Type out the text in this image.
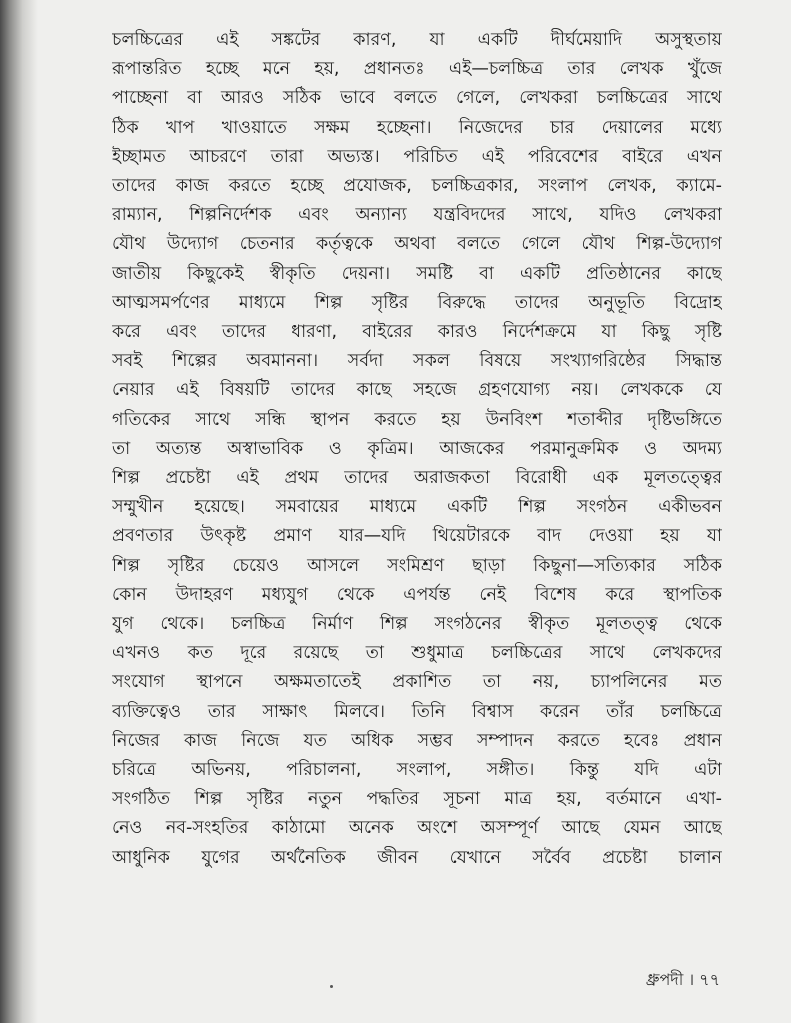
চলচ্চিত্রের এই সঙ্কটের কারণ, যা একটি দীর্ঘমেয়াদি অসুস্থতায়
রূপান্তরিত হচ্ছে মনে হয়, প্রধানতঃ এই—চলচ্চিত্র তার লেখক খুঁজে
পাচ্ছেনা বা আরও সঠিক ভাবে বলতে গেলে, লেখকরা চলচ্চিত্রের সাথে
ঠিক খাপ খাওয়াতে সক্ষম হচ্ছেনা। নিজেদের চার দেয়ালের মধ্যে
ইচ্ছামত আচরণে তারা অভ্যস্ত। পরিচিত এই পরিবেশের বাইরে এখন
তাদের কাজ করতে হচ্ছে প্রযোজক, চলচ্চিত্রকার, সংলাপ লেখক, ক্যামে-
রাম্যান, শিল্পনির্দেশক এবং অন্যান্য যন্ত্রবিদদের সাথে, যদিও লেখকরা
যৌথ উদ্যোগ চেতনার কর্তৃত্বকে অথবা বলতে গেলে যৌথ শিল্প-উদ্যোগ
জাতীয় কিছুকেই স্বীকৃতি দেয়না। সমষ্টি বা একটি প্রতিষ্ঠানের কাছে
আত্মসমর্পণের মাধ্যমে শিল্প সৃষ্টির বিরুদ্ধে তাদের অনুভূতি বিদ্রোহ
করে এবং তাদের ধারণা, বাইরের কারও নির্দেশক্রমে যা কিছু সৃষ্টি
সবই শিল্পের অবমাননা। সর্বদা সকল বিষয়ে সংখ্যাগরিষ্ঠের সিদ্ধান্ত
নেয়ার এই বিষয়টি তাদের কাছে সহজে গ্রহণযোগ্য নয়। লেখককে যে
গতিকের সাথে সন্ধি স্থাপন করতে হয় উনবিংশ শতাব্দীর দৃষ্টিভঙ্গিতে
তা অত্যন্ত অস্বাভাবিক ও কৃত্রিম। আজকের পরমানুক্রমিক ও অদম্য
শিল্প প্রচেষ্টা এই প্রথম তাদের অরাজকতা বিরোধী এক মূলতত্ত্বের
সম্মুখীন হয়েছে। সমবায়ের মাধ্যমে একটি শিল্প সংগঠন একীভবন
প্রবণতার উৎকৃষ্ট প্রমাণ যার—যদি থিয়েটারকে বাদ দেওয়া হয় যা
শিল্প সৃষ্টির চেয়েও আসলে সংমিশ্রণ ছাড়া কিছুনা—সত্যিকার সঠিক
কোন উদাহরণ মধ্যযুগ থেকে এপর্যন্ত নেই বিশেষ করে স্থাপতিক
যুগ থেকে। চলচ্চিত্র নির্মাণ শিল্প সংগঠনের স্বীকৃত মূলতত্ত্ব থেকে
এখনও কত দূরে রয়েছে তা শুধুমাত্র চলচ্চিত্রের সাথে লেখকদের
সংযোগ স্থাপনে অক্ষমতাতেই প্রকাশিত তা নয়, চ্যাপলিনের মত
ব্যক্তিত্বেও তার সাক্ষাৎ মিলবে। তিনি বিশ্বাস করেন তাঁর চলচ্চিত্রে
নিজের কাজ নিজে যত অধিক সম্ভব সম্পাদন করতে হবেঃ প্রধান
চরিত্রে অভিনয়, পরিচালনা, সংলাপ, সঙ্গীত। কিন্তু যদি এটা
সংগঠিত শিল্প সৃষ্টির নতুন পদ্ধতির সূচনা মাত্র হয়, বর্তমানে এখা-
নেও নব-সংহতির কাঠামো অনেক অংশে অসম্পূর্ণ আছে যেমন আছে
আধুনিক যুগের অর্থনৈতিক জীবন যেখানে সর্বৈব প্রচেষ্টা চালান
ধ্রুপদী । ৭৭
